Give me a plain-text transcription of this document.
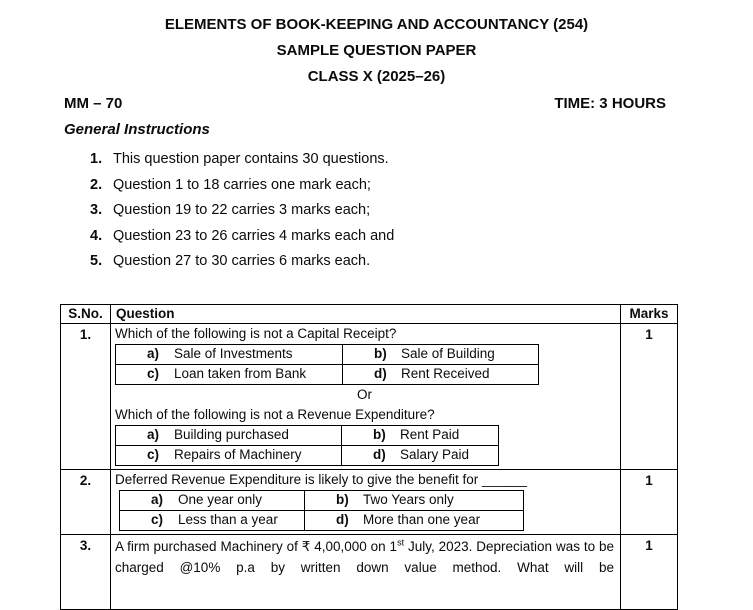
ELEMENTS OF BOOK-KEEPING AND ACCOUNTANCY (254)
SAMPLE QUESTION PAPER
CLASS X (2025–26)
MM – 70	TIME: 3 HOURS
General Instructions
1. This question paper contains 30 questions.
2. Question 1 to 18 carries one mark each;
3. Question 19 to 22 carries 3 marks each;
4. Question 23 to 26 carries 4 marks each and
5. Question 27 to 30 carries 6 marks each.
S.No.	Question	Marks
1.	Which of the following is not a Capital Receipt?
a) Sale of Investments	b) Sale of Building
c) Loan taken from Bank	d) Rent Received
Or
Which of the following is not a Revenue Expenditure?
a) Building purchased	b) Rent Paid
c) Repairs of Machinery	d) Salary Paid
	1
2.	Deferred Revenue Expenditure is likely to give the benefit for ______
a) One year only	b) Two Years only
c) Less than a year	d) More than one year
	1
3.	A firm purchased Machinery of ₹ 4,00,000 on 1st July, 2023. Depreciation was to be charged @10% p.a by written down value method. What will be
	1
